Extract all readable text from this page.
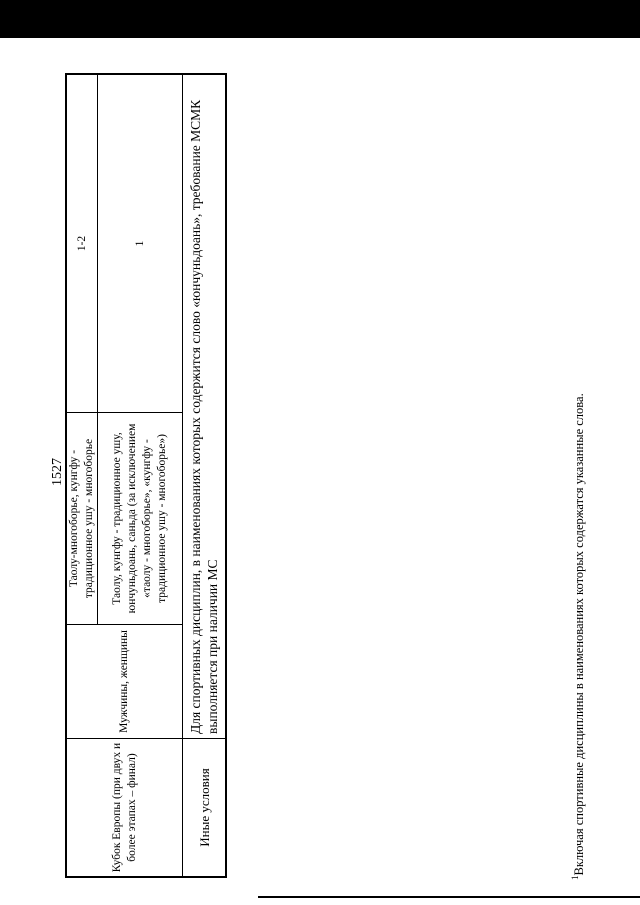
1527
Кубок Европы (при двух и более этапах – финал)
Мужчины, женщины
Таолу-многоборье, кунгфу - традиционное ушу - многоборье
1-2
Таолу, кунгфу - традиционное ушу, юнчуньдоань, саньда (за исключением «таолу - многоборье», «кунгфу - традиционное ушу - многоборье»)
1
Иные условия
Для спортивных дисциплин, в наименованиях которых содержится слово «юнчуньдоань», требование МСМК выполняется при наличии МС
$^1$Включая спортивные дисциплины в наименованиях которых содержатся указанные слова.
